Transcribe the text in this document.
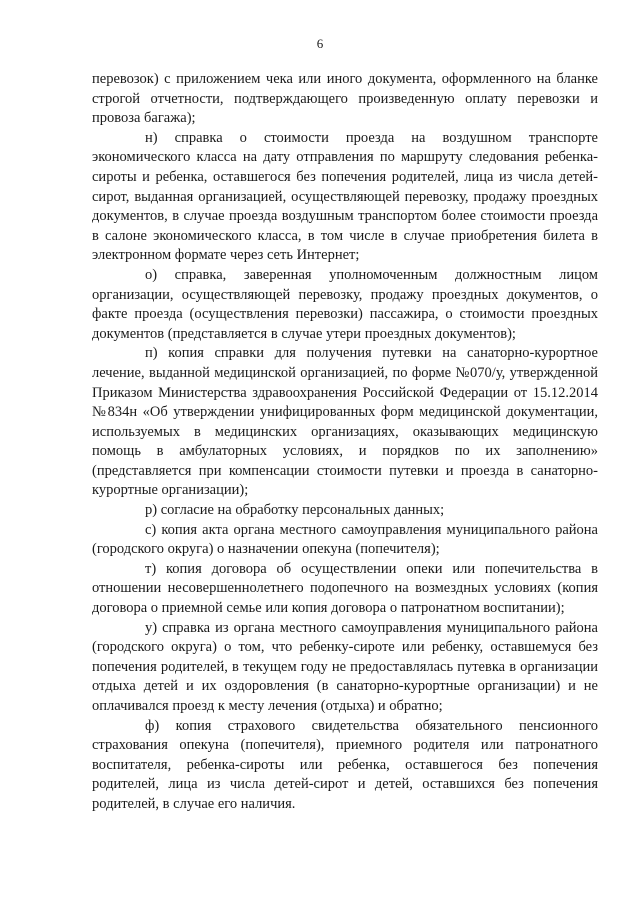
6

перевозок) с приложением чека или иного документа, оформленного на бланке строгой отчетности, подтверждающего произведенную оплату перевозки и провоза багажа);

н) справка о стоимости проезда на воздушном транспорте экономического класса на дату отправления по маршруту следования ребенка-сироты и ребенка, оставшегося без попечения родителей, лица из числа детей-сирот, выданная организацией, осуществляющей перевозку, продажу проездных документов, в случае проезда воздушным транспортом более стоимости проезда в салоне экономического класса, в том числе в случае приобретения билета в электронном формате через сеть Интернет;

о) справка, заверенная уполномоченным должностным лицом организации, осуществляющей перевозку, продажу проездных документов, о факте проезда (осуществления перевозки) пассажира, о стоимости проездных документов (представляется в случае утери проездных документов);

п) копия справки для получения путевки на санаторно-курортное лечение, выданной медицинской организацией, по форме №070/у, утвержденной Приказом Министерства здравоохранения Российской Федерации от 15.12.2014 №834н «Об утверждении унифицированных форм медицинской документации, используемых в медицинских организациях, оказывающих медицинскую помощь в амбулаторных условиях, и порядков по их заполнению» (представляется при компенсации стоимости путевки и проезда в санаторно-курортные организации);

р) согласие на обработку персональных данных;

с) копия акта органа местного самоуправления муниципального района (городского округа) о назначении опекуна (попечителя);

т) копия договора об осуществлении опеки или попечительства в отношении несовершеннолетнего подопечного на возмездных условиях (копия договора о приемной семье или копия договора о патронатном воспитании);

у) справка из органа местного самоуправления муниципального района (городского округа) о том, что ребенку-сироте или ребенку, оставшемуся без попечения родителей, в текущем году не предоставлялась путевка в организации отдыха детей и их оздоровления (в санаторно-курортные организации) и не оплачивался проезд к месту лечения (отдыха) и обратно;

ф) копия страхового свидетельства обязательного пенсионного страхования опекуна (попечителя), приемного родителя или патронатного воспитателя, ребенка-сироты или ребенка, оставшегося без попечения родителей, лица из числа детей-сирот и детей, оставшихся без попечения родителей, в случае его наличия.
